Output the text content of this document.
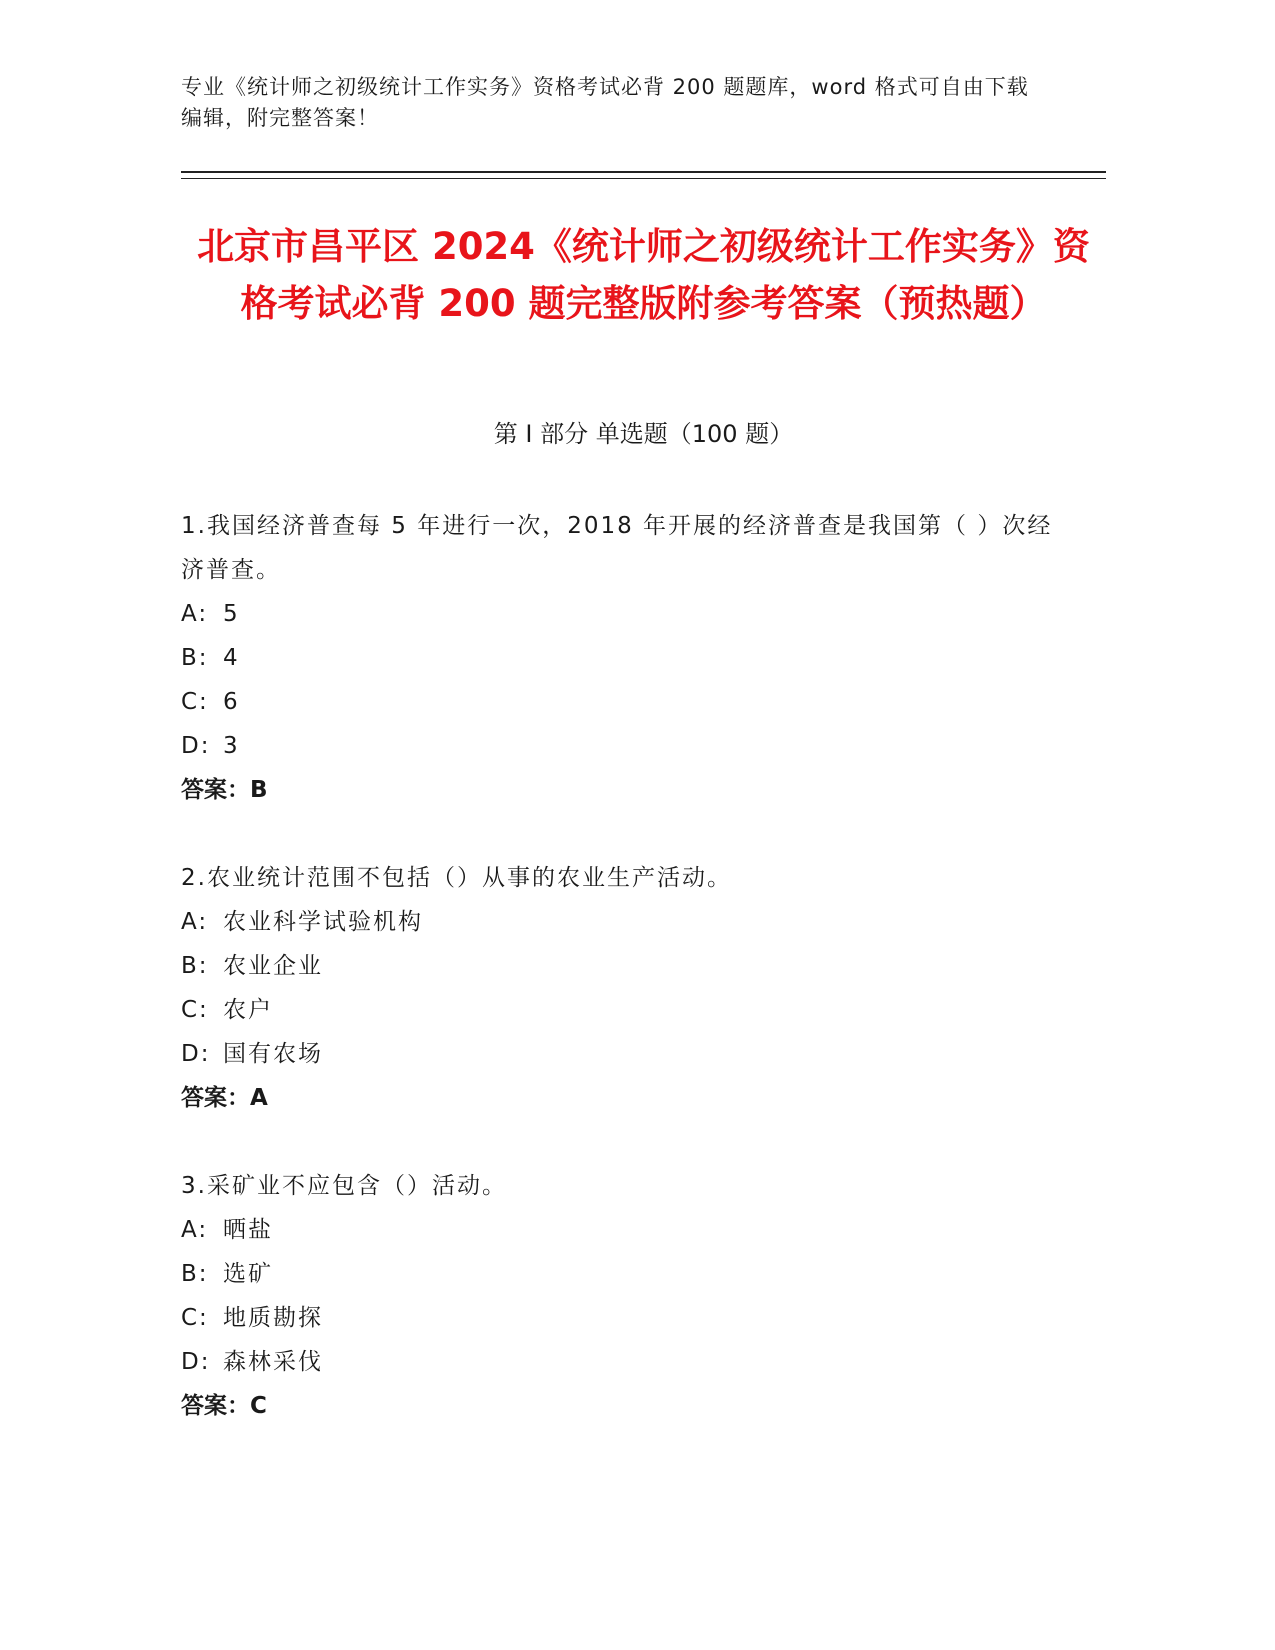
专业《统计师之初级统计工作实务》资格考试必背 200 题题库，word 格式可自由下载编辑，附完整答案！
北京市昌平区 2024《统计师之初级统计工作实务》资格考试必背 200 题完整版附参考答案（预热题）
第 I 部分 单选题（100 题）
1.我国经济普查每 5 年进行一次，2018 年开展的经济普查是我国第（ ）次经济普查。
A: 5
B: 4
C: 6
D: 3
答案：B
2.农业统计范围不包括（）从事的农业生产活动。
A: 农业科学试验机构
B: 农业企业
C: 农户
D: 国有农场
答案：A
3.采矿业不应包含（）活动。
A: 晒盐
B: 选矿
C: 地质勘探
D: 森林采伐
答案：C
